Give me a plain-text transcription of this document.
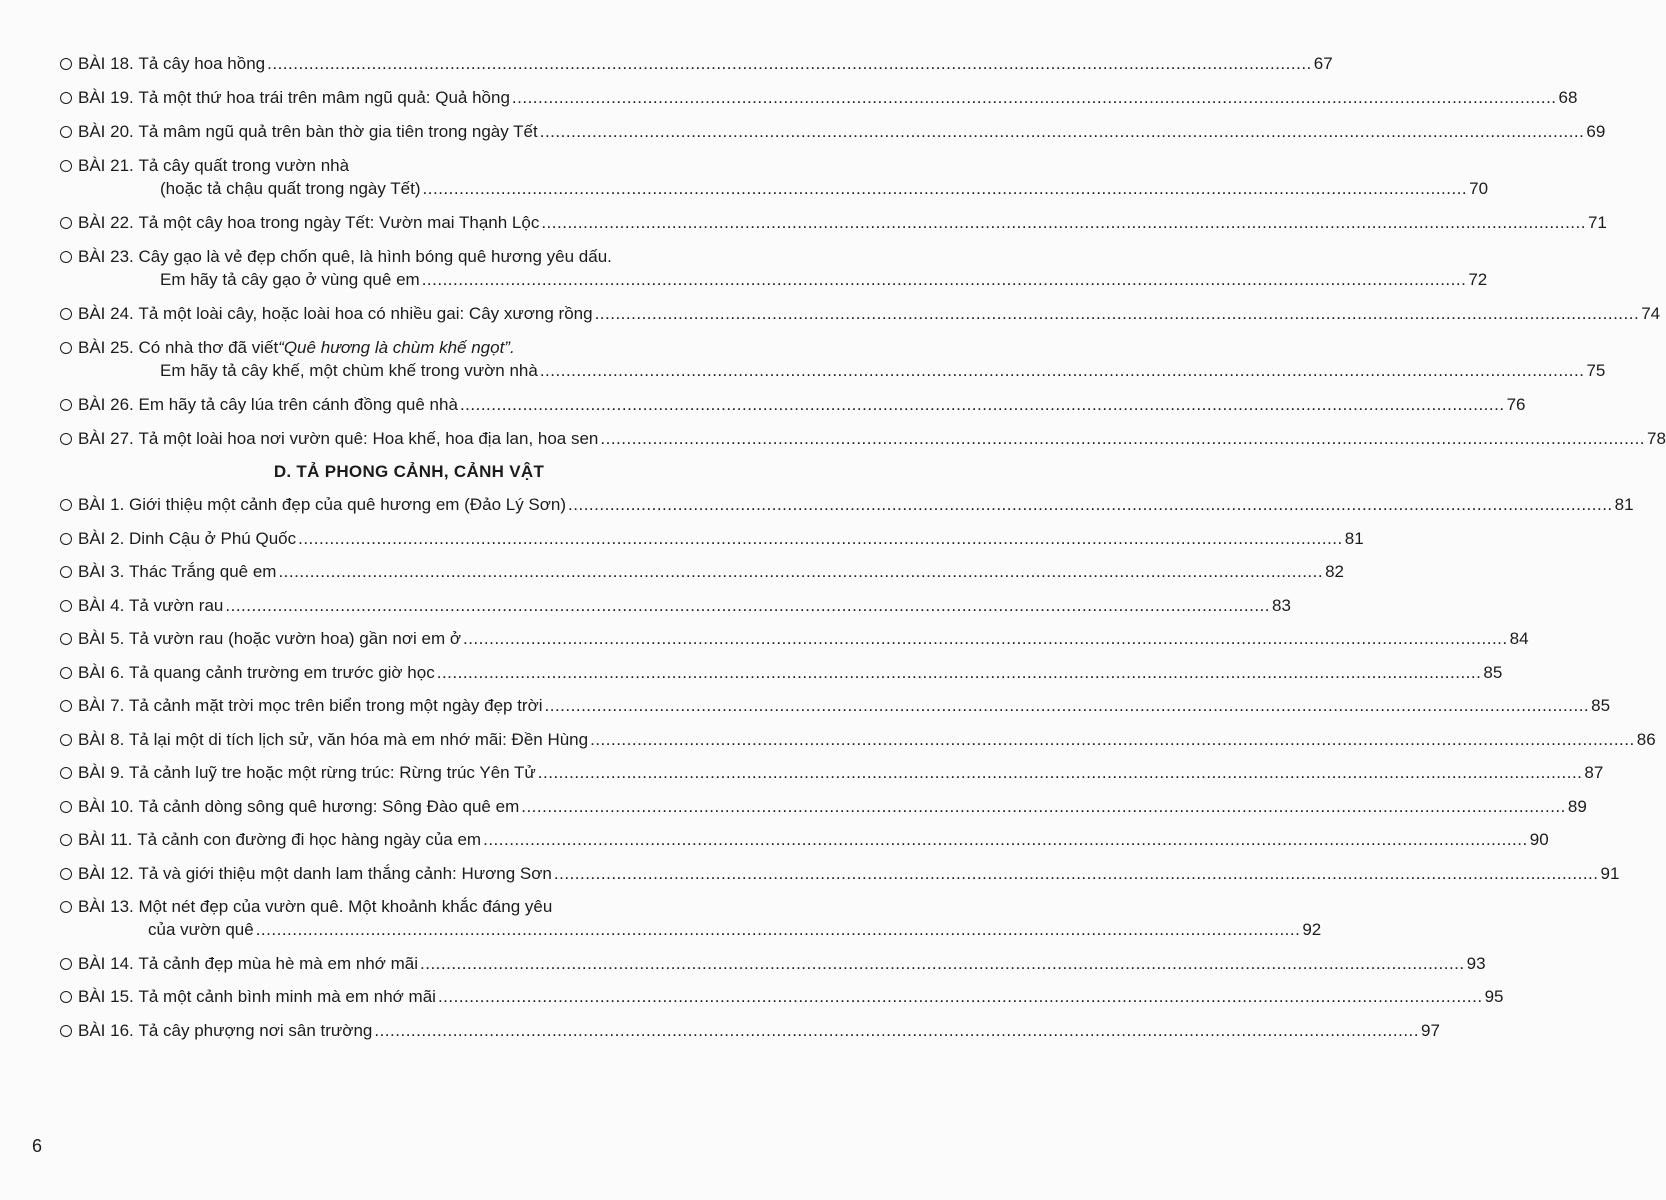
BÀI 18. Tả cây hoa hồng ........................................................................................................................................................................................................ 67
BÀI 19. Tả một thứ hoa trái trên mâm ngũ quả: Quả hồng ........................................................................................................................................................................................................ 68
BÀI 20. Tả mâm ngũ quả trên bàn thờ gia tiên trong ngày Tết ........................................................................................................................................................................................................ 69
BÀI 21. Tả cây quất trong vườn nhà
(hoặc tả chậu quất trong ngày Tết) ........................................................................................................................................................................................................ 70
BÀI 22. Tả một cây hoa trong ngày Tết: Vườn mai Thạnh Lộc ........................................................................................................................................................................................................ 71
BÀI 23. Cây gạo là vẻ đẹp chốn quê, là hình bóng quê hương yêu dấu.
Em hãy tả cây gạo ở vùng quê em ........................................................................................................................................................................................................ 72
BÀI 24. Tả một loài cây, hoặc loài hoa có nhiều gai: Cây xương rồng ........................................................................................................................................................................................................ 74
BÀI 25. Có nhà thơ đã viết “Quê hương là chùm khế ngọt”.
Em hãy tả cây khế, một chùm khế trong vườn nhà ........................................................................................................................................................................................................ 75
BÀI 26. Em hãy tả cây lúa trên cánh đồng quê nhà ........................................................................................................................................................................................................ 76
BÀI 27. Tả một loài hoa nơi vườn quê: Hoa khế, hoa địa lan, hoa sen ........................................................................................................................................................................................................ 78
D. TẢ PHONG CẢNH, CẢNH VẬT
BÀI 1. Giới thiệu một cảnh đẹp của quê hương em (Đảo Lý Sơn) ........................................................................................................................................................................................................ 81
BÀI 2. Dinh Cậu ở Phú Quốc ........................................................................................................................................................................................................ 81
BÀI 3. Thác Trắng quê em ........................................................................................................................................................................................................ 82
BÀI 4. Tả vườn rau ........................................................................................................................................................................................................ 83
BÀI 5. Tả vườn rau (hoặc vườn hoa) gần nơi em ở ........................................................................................................................................................................................................ 84
BÀI 6. Tả quang cảnh trường em trước giờ học ........................................................................................................................................................................................................ 85
BÀI 7. Tả cảnh mặt trời mọc trên biển trong một ngày đẹp trời ........................................................................................................................................................................................................ 85
BÀI 8. Tả lại một di tích lịch sử, văn hóa mà em nhớ mãi: Đền Hùng ........................................................................................................................................................................................................ 86
BÀI 9. Tả cảnh luỹ tre hoặc một rừng trúc: Rừng trúc Yên Tử ........................................................................................................................................................................................................ 87
BÀI 10. Tả cảnh dòng sông quê hương: Sông Đào quê em ........................................................................................................................................................................................................ 89
BÀI 11. Tả cảnh con đường đi học hàng ngày của em ........................................................................................................................................................................................................ 90
BÀI 12. Tả và giới thiệu một danh lam thắng cảnh: Hương Sơn ........................................................................................................................................................................................................ 91
BÀI 13. Một nét đẹp của vườn quê. Một khoảnh khắc đáng yêu
của vườn quê ........................................................................................................................................................................................................ 92
BÀI 14. Tả cảnh đẹp mùa hè mà em nhớ mãi ........................................................................................................................................................................................................ 93
BÀI 15. Tả một cảnh bình minh mà em nhớ mãi ........................................................................................................................................................................................................ 95
BÀI 16. Tả cây phượng nơi sân trường ........................................................................................................................................................................................................ 97
6
